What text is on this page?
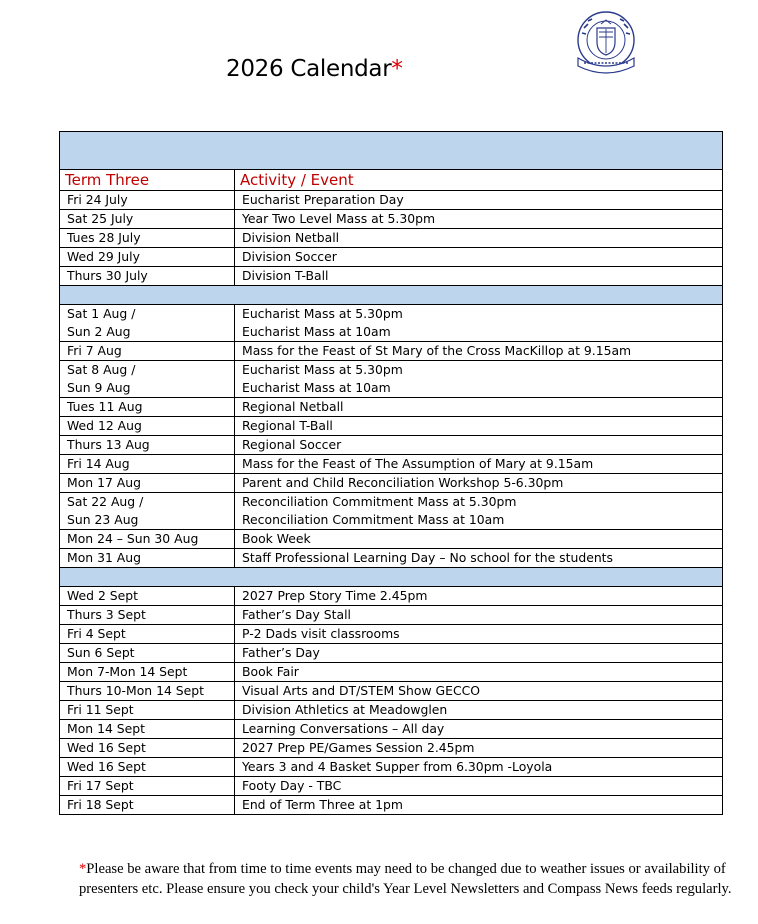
2026 Calendar*

Term Three	Activity / Event

Fri 24 July	Eucharist Preparation Day

Sat 25 July	Year Two Level Mass at 5.30pm

Tues 28 July	Division Netball

Wed 29 July	Division Soccer

Thurs 30 July	Division T-Ball

Sat 1 Aug /
Sun 2 Aug	Eucharist Mass at 5.30pm
Eucharist Mass at 10am

Fri 7 Aug	Mass for the Feast of St Mary of the Cross MacKillop at 9.15am

Sat 8 Aug /
Sun 9 Aug	Eucharist Mass at 5.30pm
Eucharist Mass at 10am

Tues 11 Aug	Regional Netball

Wed 12 Aug	Regional T-Ball

Thurs 13 Aug	Regional Soccer

Fri 14 Aug	Mass for the Feast of The Assumption of Mary at 9.15am

Mon 17 Aug	Parent and Child Reconciliation Workshop 5-6.30pm

Sat 22 Aug /
Sun 23 Aug	Reconciliation Commitment Mass at 5.30pm
Reconciliation Commitment Mass at 10am

Mon 24 – Sun 30 Aug	Book Week

Mon 31 Aug	Staff Professional Learning Day – No school for the students

Wed 2 Sept	2027 Prep Story Time 2.45pm

Thurs 3 Sept	Father’s Day Stall

Fri 4 Sept	P-2 Dads visit classrooms

Sun 6 Sept	Father’s Day

Mon 7-Mon 14 Sept	Book Fair

Thurs 10-Mon 14 Sept	Visual Arts and DT/STEM Show GECCO

Fri 11 Sept	Division Athletics at Meadowglen

Mon 14 Sept	Learning Conversations – All day

Wed 16 Sept	2027 Prep PE/Games Session 2.45pm

Wed 16 Sept	Years 3 and 4 Basket Supper from 6.30pm -Loyola

Fri 17 Sept	Footy Day - TBC

Fri 18 Sept	End of Term Three at 1pm
*Please be aware that from time to time events may need to be changed due to weather issues or availability of presenters etc. Please ensure you check your child's Year Level Newsletters and Compass News feeds regularly.
